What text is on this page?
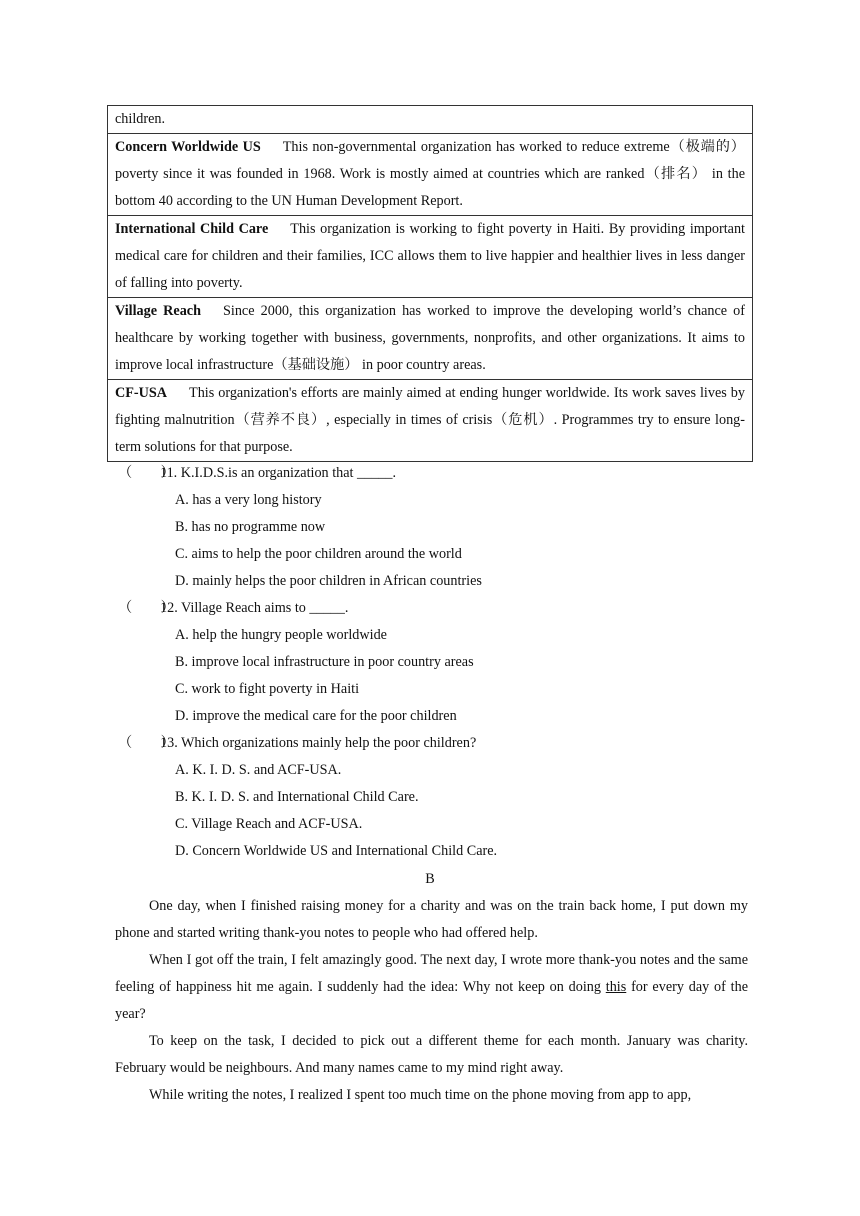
children.
Concern Worldwide US This non-governmental organization has worked to reduce extreme（极端的） poverty since it was founded in 1968. Work is mostly aimed at countries which are ranked（排名） in the bottom 40 according to the UN Human Development Report.
International Child Care This organization is working to fight poverty in Haiti. By providing important medical care for children and their families, ICC allows them to live happier and healthier lives in less danger of falling into poverty.
Village Reach Since 2000, this organization has worked to improve the developing world’s chance of healthcare by working together with business, governments, nonprofits, and other organizations. It aims to improve local infrastructure（基础设施） in poor country areas.
CF-USA This organization's efforts are mainly aimed at ending hunger worldwide. Its work saves lives by fighting malnutrition（营养不良）, especially in times of crisis（危机）. Programmes try to ensure long-term solutions for that purpose.
（　　）
11. K.I.D.S.is an organization that _____.
A. has a very long history
B. has no programme now
C. aims to help the poor children around the world
D. mainly helps the poor children in African countries
（　　）
12. Village Reach aims to _____.
A. help the hungry people worldwide
B. improve local infrastructure in poor country areas
C. work to fight poverty in Haiti
D. improve the medical care for the poor children
（　　）
13. Which organizations mainly help the poor children?
A. K. I. D. S. and ACF-USA.
B. K. I. D. S. and International Child Care.
C. Village Reach and ACF-USA.
D. Concern Worldwide US and International Child Care.
B
One day, when I finished raising money for a charity and was on the train back home, I put down my phone and started writing thank-you notes to people who had offered help.
When I got off the train, I felt amazingly good. The next day, I wrote more thank-you notes and the same feeling of happiness hit me again. I suddenly had the idea: Why not keep on doing this for every day of the year?
To keep on the task, I decided to pick out a different theme for each month. January was charity. February would be neighbours. And many names came to my mind right away.
While writing the notes, I realized I spent too much time on the phone moving from app to app,
